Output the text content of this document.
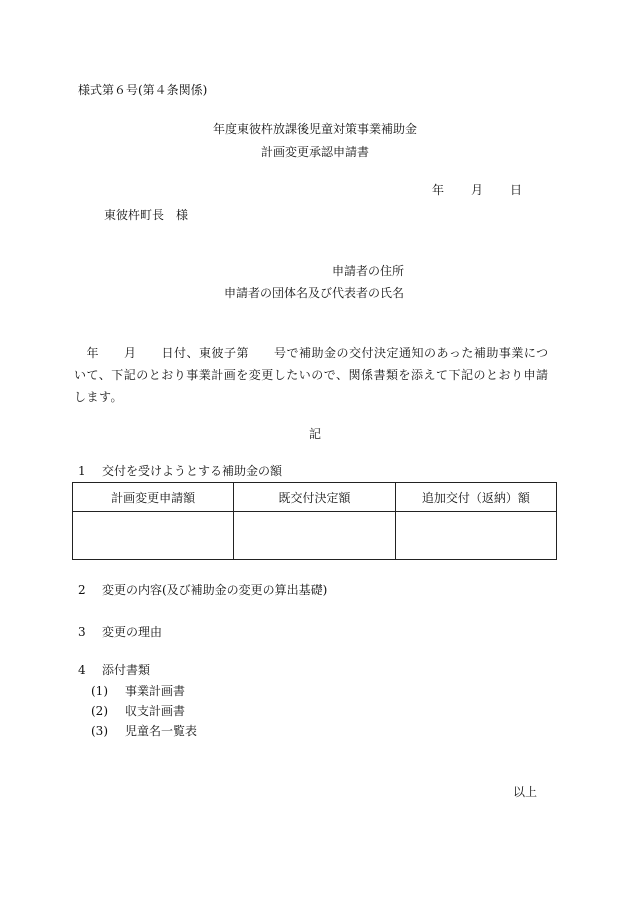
様式第６号(第４条関係)
年度東彼杵放課後児童対策事業補助金
計画変更承認申請書
年　　月　　日
東彼杵町長　様
申請者の住所
申請者の団体名及び代表者の氏名
　年　　月　　日付、東彼子第　　号で補助金の交付決定通知のあった補助事業について、下記のとおり事業計画を変更したいので、関係書類を添えて下記のとおり申請します。
記
1 交付を受けようとする補助金の額
計画変更申請額	既交付決定額	追加交付（返納）額

2 変更の内容(及び補助金の変更の算出基礎)
3 変更の理由
4 添付書類
(1) 事業計画書
(2) 収支計画書
(3) 児童名一覧表
以上
